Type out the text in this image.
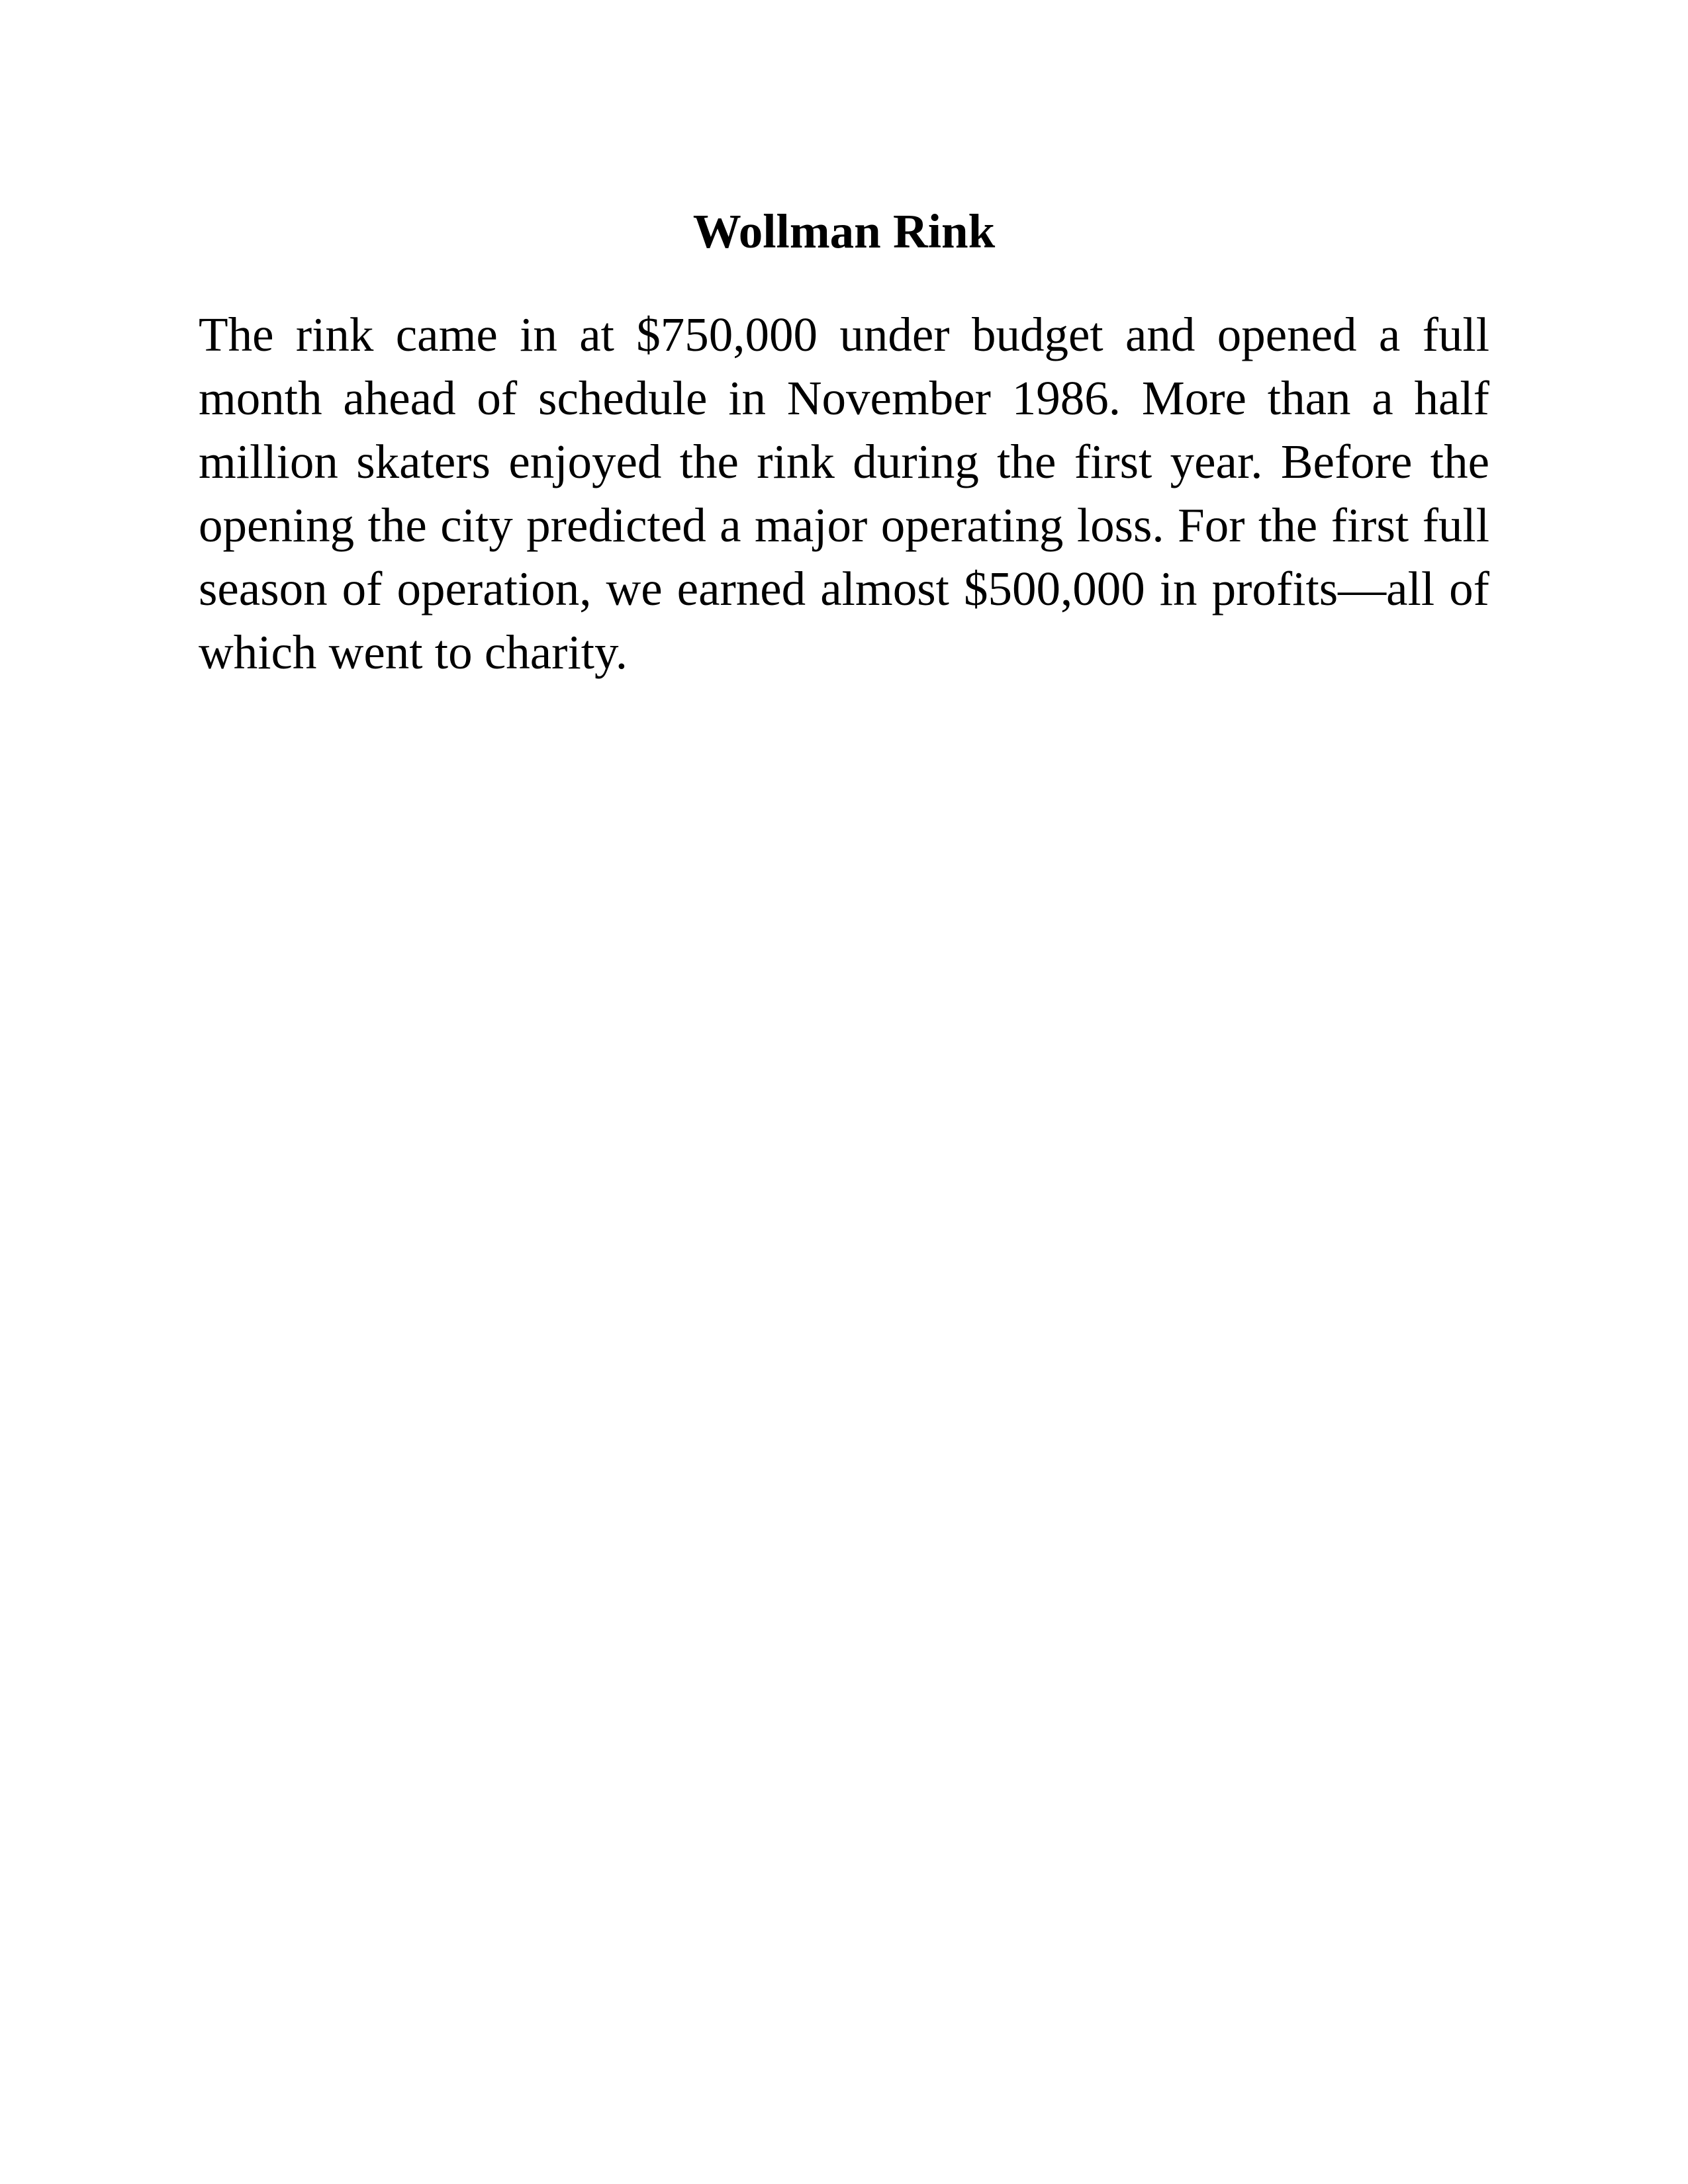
Wollman Rink

The rink came in at $750,000 under budget and opened a full month ahead of schedule in November 1986. More than a half million skaters enjoyed the rink during the first year. Before the opening the city predicted a major operating loss. For the first full season of operation, we earned almost $500,000 in profits—all of which went to charity.
